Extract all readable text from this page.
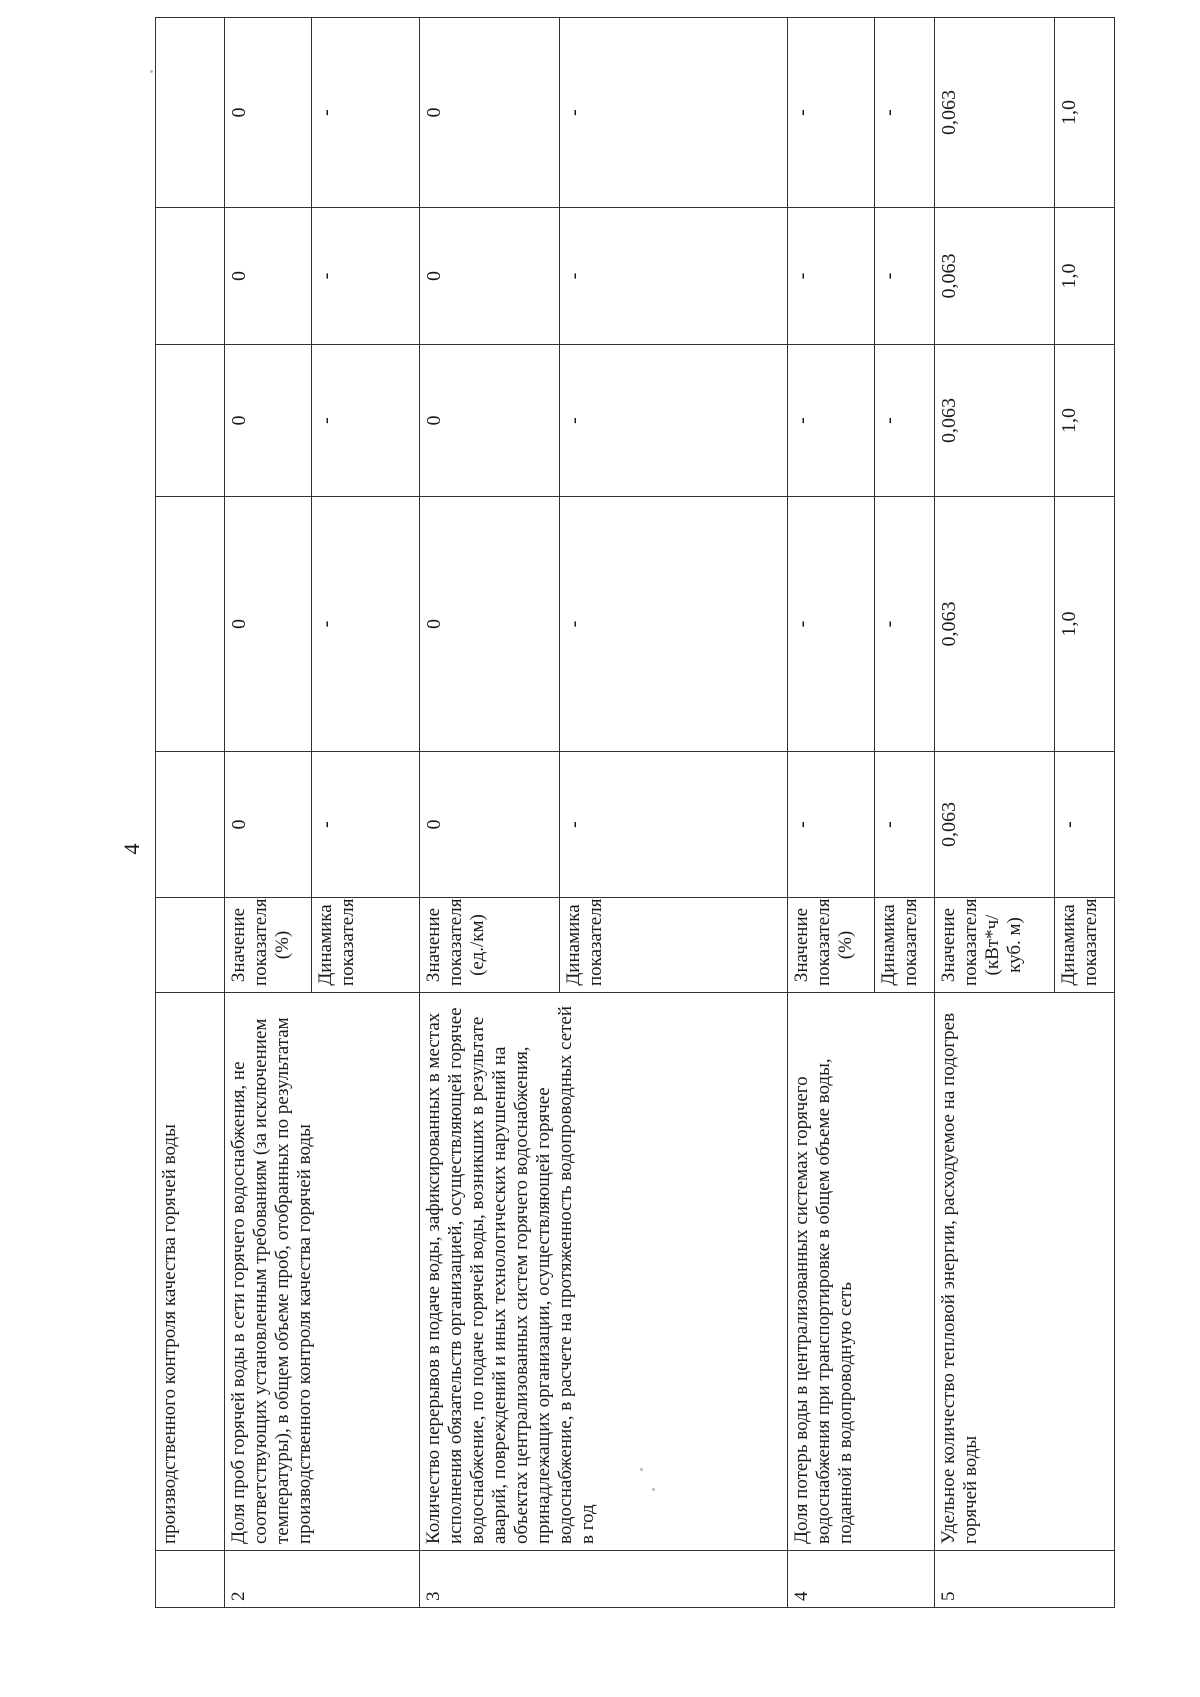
4
	производственного контроля качества горячей воды						
2	Доля проб горячей воды в сети горячего водоснабжения, не соответствующих установленным требованиям (за исключением температуры), в общем объеме проб, отобранных по результатам производственного контроля качества горячей воды	Значение показателя (%)	0	0	0	0	0
		Динамика показателя	-	-	-	-	-
3	Количество перерывов в подаче воды, зафиксированных в местах исполнения обязательств организацией, осуществляющей горячее водоснабжение, по подаче горячей воды, возникших в результате аварий, повреждений и иных технологических нарушений на объектах централизованных систем горячего водоснабжения, принадлежащих организации, осуществляющей горячее водоснабжение, в расчете на протяженность водопроводных сетей в год	Значение показателя (ед./км)	0	0	0	0	0
		Динамика показателя	-	-	-	-	-
4	Доля потерь воды в централизованных системах горячего водоснабжения при транспортировке в общем объеме воды, поданной в водопроводную сеть	Значение показателя (%)	-	-	-	-	-
		Динамика показателя	-	-	-	-	-
5	Удельное количество тепловой энергии, расходуемое на подогрев горячей воды	Значение показателя (кВт*ч/куб. м)	0,063	0,063	0,063	0,063	0,063
		Динамика показателя	-	1,0	1,0	1,0	1,0
